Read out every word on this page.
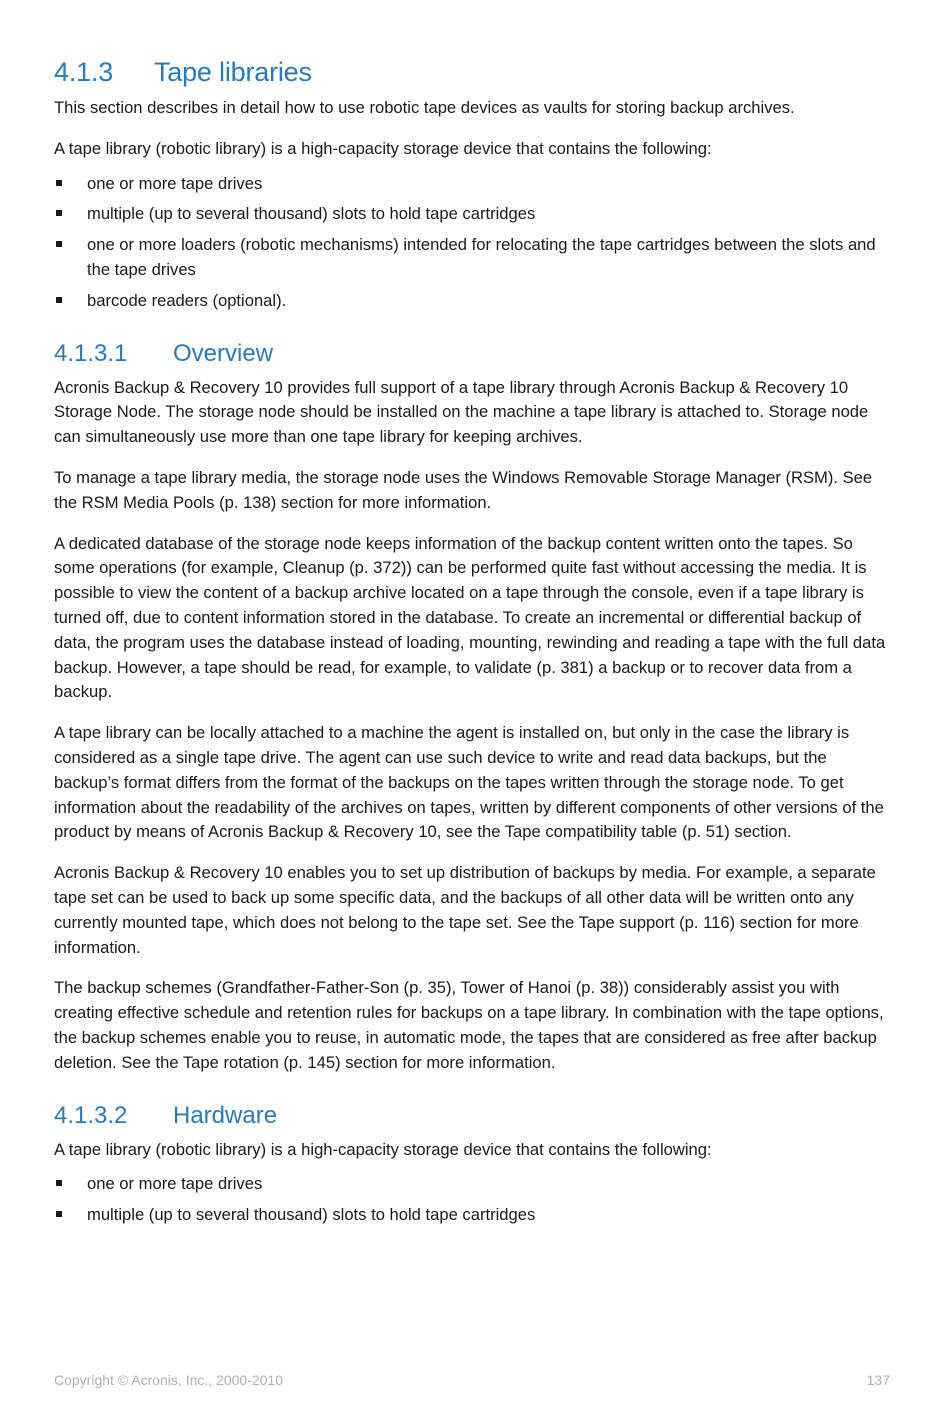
4.1.3 Tape libraries

This section describes in detail how to use robotic tape devices as vaults for storing backup archives.

A tape library (robotic library) is a high-capacity storage device that contains the following:

one or more tape drives
multiple (up to several thousand) slots to hold tape cartridges
one or more loaders (robotic mechanisms) intended for relocating the tape cartridges between the slots and the tape drives
barcode readers (optional).
4.1.3.1 Overview

Acronis Backup & Recovery 10 provides full support of a tape library through Acronis Backup & Recovery 10 Storage Node. The storage node should be installed on the machine a tape library is attached to. Storage node can simultaneously use more than one tape library for keeping archives.

To manage a tape library media, the storage node uses the Windows Removable Storage Manager (RSM). See the RSM Media Pools (p. 138) section for more information.

A dedicated database of the storage node keeps information of the backup content written onto the tapes. So some operations (for example, Cleanup (p. 372)) can be performed quite fast without accessing the media. It is possible to view the content of a backup archive located on a tape through the console, even if a tape library is turned off, due to content information stored in the database. To create an incremental or differential backup of data, the program uses the database instead of loading, mounting, rewinding and reading a tape with the full data backup. However, a tape should be read, for example, to validate (p. 381) a backup or to recover data from a backup.

A tape library can be locally attached to a machine the agent is installed on, but only in the case the library is considered as a single tape drive. The agent can use such device to write and read data backups, but the backup’s format differs from the format of the backups on the tapes written through the storage node. To get information about the readability of the archives on tapes, written by different components of other versions of the product by means of Acronis Backup & Recovery 10, see the Tape compatibility table (p. 51) section.

Acronis Backup & Recovery 10 enables you to set up distribution of backups by media. For example, a separate tape set can be used to back up some specific data, and the backups of all other data will be written onto any currently mounted tape, which does not belong to the tape set. See the Tape support (p. 116) section for more information.

The backup schemes (Grandfather-Father-Son (p. 35), Tower of Hanoi (p. 38)) considerably assist you with creating effective schedule and retention rules for backups on a tape library. In combination with the tape options, the backup schemes enable you to reuse, in automatic mode, the tapes that are considered as free after backup deletion. See the Tape rotation (p. 145) section for more information.

4.1.3.2 Hardware

A tape library (robotic library) is a high-capacity storage device that contains the following:

one or more tape drives
multiple (up to several thousand) slots to hold tape cartridges
Copyright © Acronis, Inc., 2000-2010	137
